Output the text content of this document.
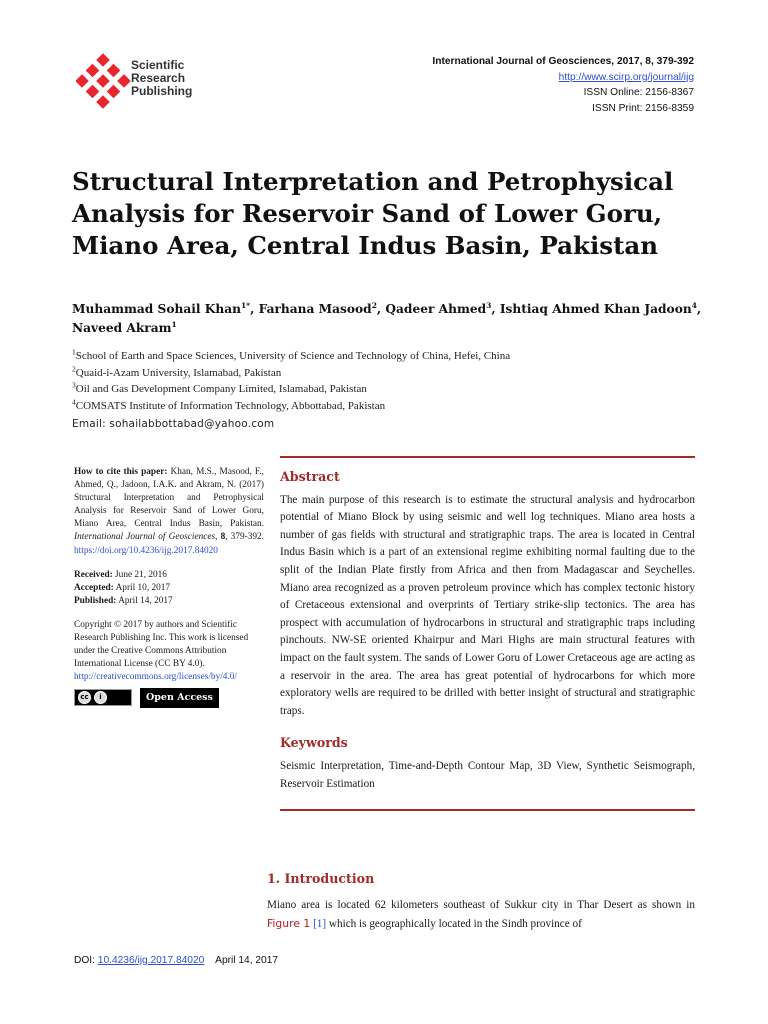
Scientific
Research
Publishing
International Journal of Geosciences, 2017, 8, 379-392
http://www.scirp.org/journal/ijg
ISSN Online: 2156-8367
ISSN Print: 2156-8359
Structural Interpretation and Petrophysical Analysis for Reservoir Sand of Lower Goru, Miano Area, Central Indus Basin, Pakistan
Muhammad Sohail Khan$^{1*}$, Farhana Masood$^2$, Qadeer Ahmed$^3$, Ishtiaq Ahmed Khan Jadoon$^4$,
Naveed Akram$^1$
$^1$School of Earth and Space Sciences, University of Science and Technology of China, Hefei, China
$^2$Quaid-i-Azam University, Islamabad, Pakistan
$^3$Oil and Gas Development Company Limited, Islamabad, Pakistan
$^4$COMSATS Institute of Information Technology, Abbottabad, Pakistan
Email: sohailabbottabad@yahoo.com
How to cite this paper: Khan, M.S., Masood, F., Ahmed, Q., Jadoon, I.A.K. and Akram, N. (2017) Structural Interpretation and Petrophysical Analysis for Reservoir Sand of Lower Goru, Miano Area, Central Indus Basin, Pakistan. International Journal of Geosciences, 8, 379-392. https://doi.org/10.4236/ijg.2017.84020
Received: June 21, 2016
Accepted: April 10, 2017
Published: April 14, 2017
Copyright © 2017 by authors and Scientific Research Publishing Inc. This work is licensed under the Creative Commons Attribution International License (CC BY 4.0).
http://creativecommons.org/licenses/by/4.0/
cc	i	Open Access
Abstract
The main purpose of this research is to estimate the structural analysis and hydrocarbon potential of Miano Block by using seismic and well log techniques. Miano area hosts a number of gas fields with structural and stratigraphic traps. The area is located in Central Indus Basin which is a part of an extensional regime exhibiting normal faulting due to the split of the Indian Plate firstly from Africa and then from Madagascar and Seychelles. Miano area recognized as a proven petroleum province which has complex tectonic history of Cretaceous extensional and overprints of Tertiary strike-slip tectonics. The area has prospect with accumulation of hydrocarbons in structural and stratigraphic traps including pinchouts. NW-SE oriented Khairpur and Mari Highs are main structural features with impact on the fault system. The sands of Lower Goru of Lower Cretaceous age are acting as a reservoir in the area. The area has great potential of hydrocarbons for which more exploratory wells are required to be drilled with better insight of structural and stratigraphic traps.
Keywords
Seismic Interpretation, Time-and-Depth Contour Map, 3D View, Synthetic Seismograph, Reservoir Estimation
1. Introduction
Miano area is located 62 kilometers southeast of Sukkur city in Thar Desert as shown in Figure 1 [1] which is geographically located in the Sindh province of
DOI: 10.4236/ijg.2017.84020 April 14, 2017
